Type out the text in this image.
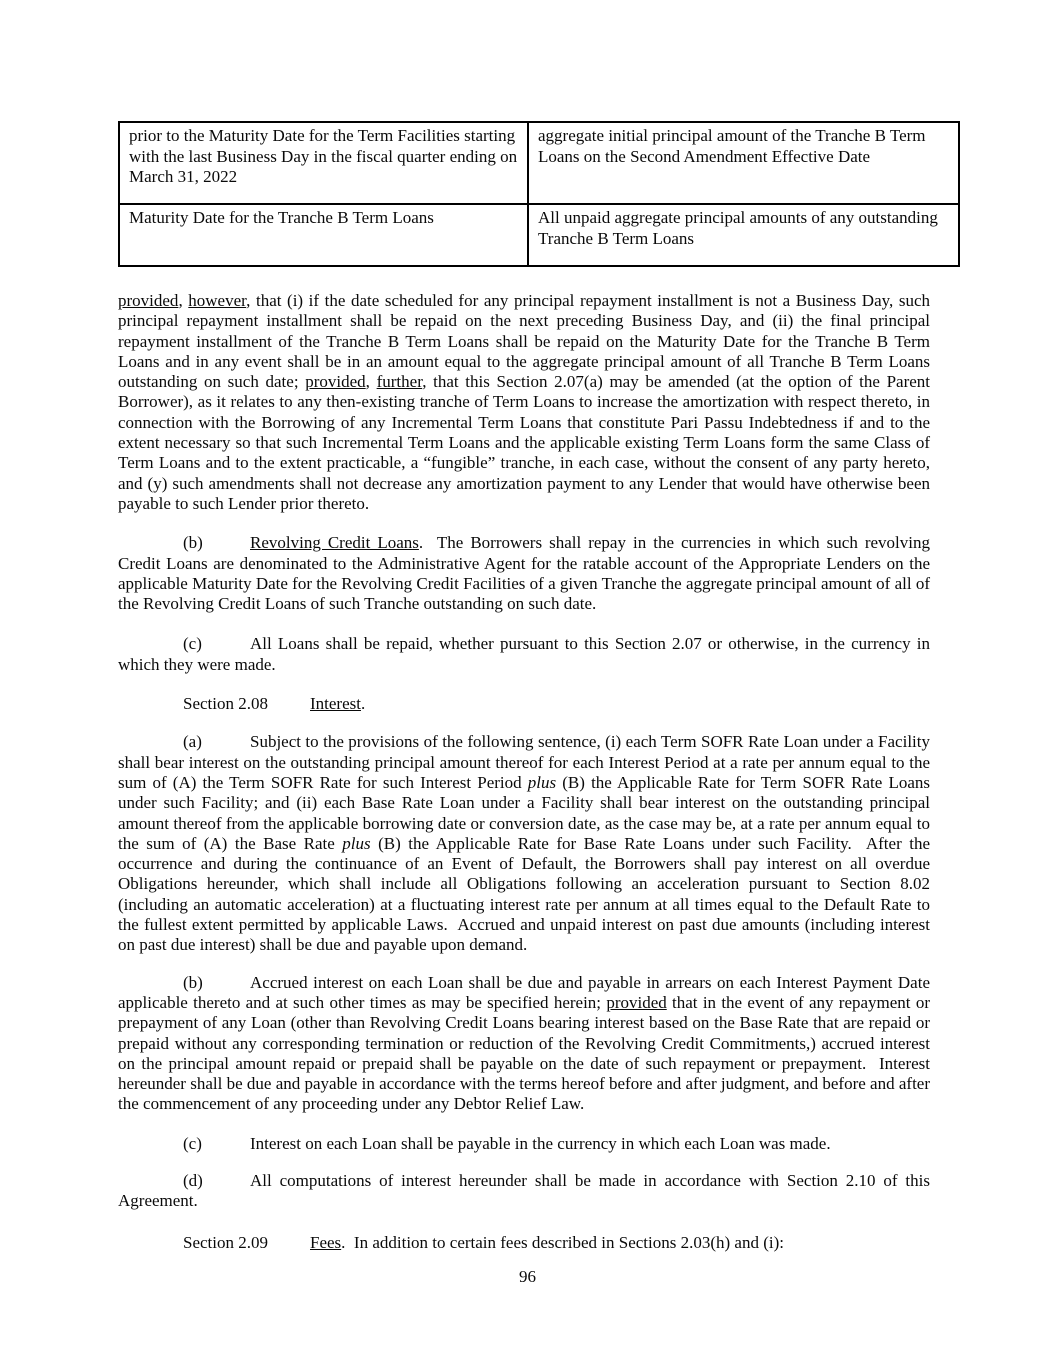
prior to the Maturity Date for the Term Facilities starting with the last Business Day in the fiscal quarter ending on March 31, 2022	aggregate initial principal amount of the Tranche B Term Loans on the Second Amendment Effective Date
Maturity Date for the Tranche B Term Loans	All unpaid aggregate principal amounts of any outstanding Tranche B Term Loans

provided, however, that (i) if the date scheduled for any principal repayment installment is not a Business Day, such principal repayment installment shall be repaid on the next preceding Business Day, and (ii) the final principal repayment installment of the Tranche B Term Loans shall be repaid on the Maturity Date for the Tranche B Term Loans and in any event shall be in an amount equal to the aggregate principal amount of all Tranche B Term Loans outstanding on such date; provided, further, that this Section 2.07(a) may be amended (at the option of the Parent Borrower), as it relates to any then-existing tranche of Term Loans to increase the amortization with respect thereto, in connection with the Borrowing of any Incremental Term Loans that constitute Pari Passu Indebtedness if and to the extent necessary so that such Incremental Term Loans and the applicable existing Term Loans form the same Class of Term Loans and to the extent practicable, a “fungible” tranche, in each case, without the consent of any party hereto, and (y) such amendments shall not decrease any amortization payment to any Lender that would have otherwise been payable to such Lender prior thereto.

(b)	Revolving Credit Loans.  The Borrowers shall repay in the currencies in which such revolving Credit Loans are denominated to the Administrative Agent for the ratable account of the Appropriate Lenders on the applicable Maturity Date for the Revolving Credit Facilities of a given Tranche the aggregate principal amount of all of the Revolving Credit Loans of such Tranche outstanding on such date.

(c)	All Loans shall be repaid, whether pursuant to this Section 2.07 or otherwise, in the currency in which they were made.

Section 2.08 Interest.

(a)	Subject to the provisions of the following sentence, (i) each Term SOFR Rate Loan under a Facility shall bear interest on the outstanding principal amount thereof for each Interest Period at a rate per annum equal to the sum of (A) the Term SOFR Rate for such Interest Period plus (B) the Applicable Rate for Term SOFR Rate Loans under such Facility; and (ii) each Base Rate Loan under a Facility shall bear interest on the outstanding principal amount thereof from the applicable borrowing date or conversion date, as the case may be, at a rate per annum equal to the sum of (A) the Base Rate plus (B) the Applicable Rate for Base Rate Loans under such Facility.  After the occurrence and during the continuance of an Event of Default, the Borrowers shall pay interest on all overdue Obligations hereunder, which shall include all Obligations following an acceleration pursuant to Section 8.02 (including an automatic acceleration) at a fluctuating interest rate per annum at all times equal to the Default Rate to the fullest extent permitted by applicable Laws.  Accrued and unpaid interest on past due amounts (including interest on past due interest) shall be due and payable upon demand.

(b)	Accrued interest on each Loan shall be due and payable in arrears on each Interest Payment Date applicable thereto and at such other times as may be specified herein; provided that in the event of any repayment or prepayment of any Loan (other than Revolving Credit Loans bearing interest based on the Base Rate that are repaid or prepaid without any corresponding termination or reduction of the Revolving Credit Commitments,) accrued interest on the principal amount repaid or prepaid shall be payable on the date of such repayment or prepayment.  Interest hereunder shall be due and payable in accordance with the terms hereof before and after judgment, and before and after the commencement of any proceeding under any Debtor Relief Law.

(c)	Interest on each Loan shall be payable in the currency in which each Loan was made.

(d)	All computations of interest hereunder shall be made in accordance with Section 2.10 of this Agreement.

Section 2.09 Fees.  In addition to certain fees described in Sections 2.03(h) and (i):

96
